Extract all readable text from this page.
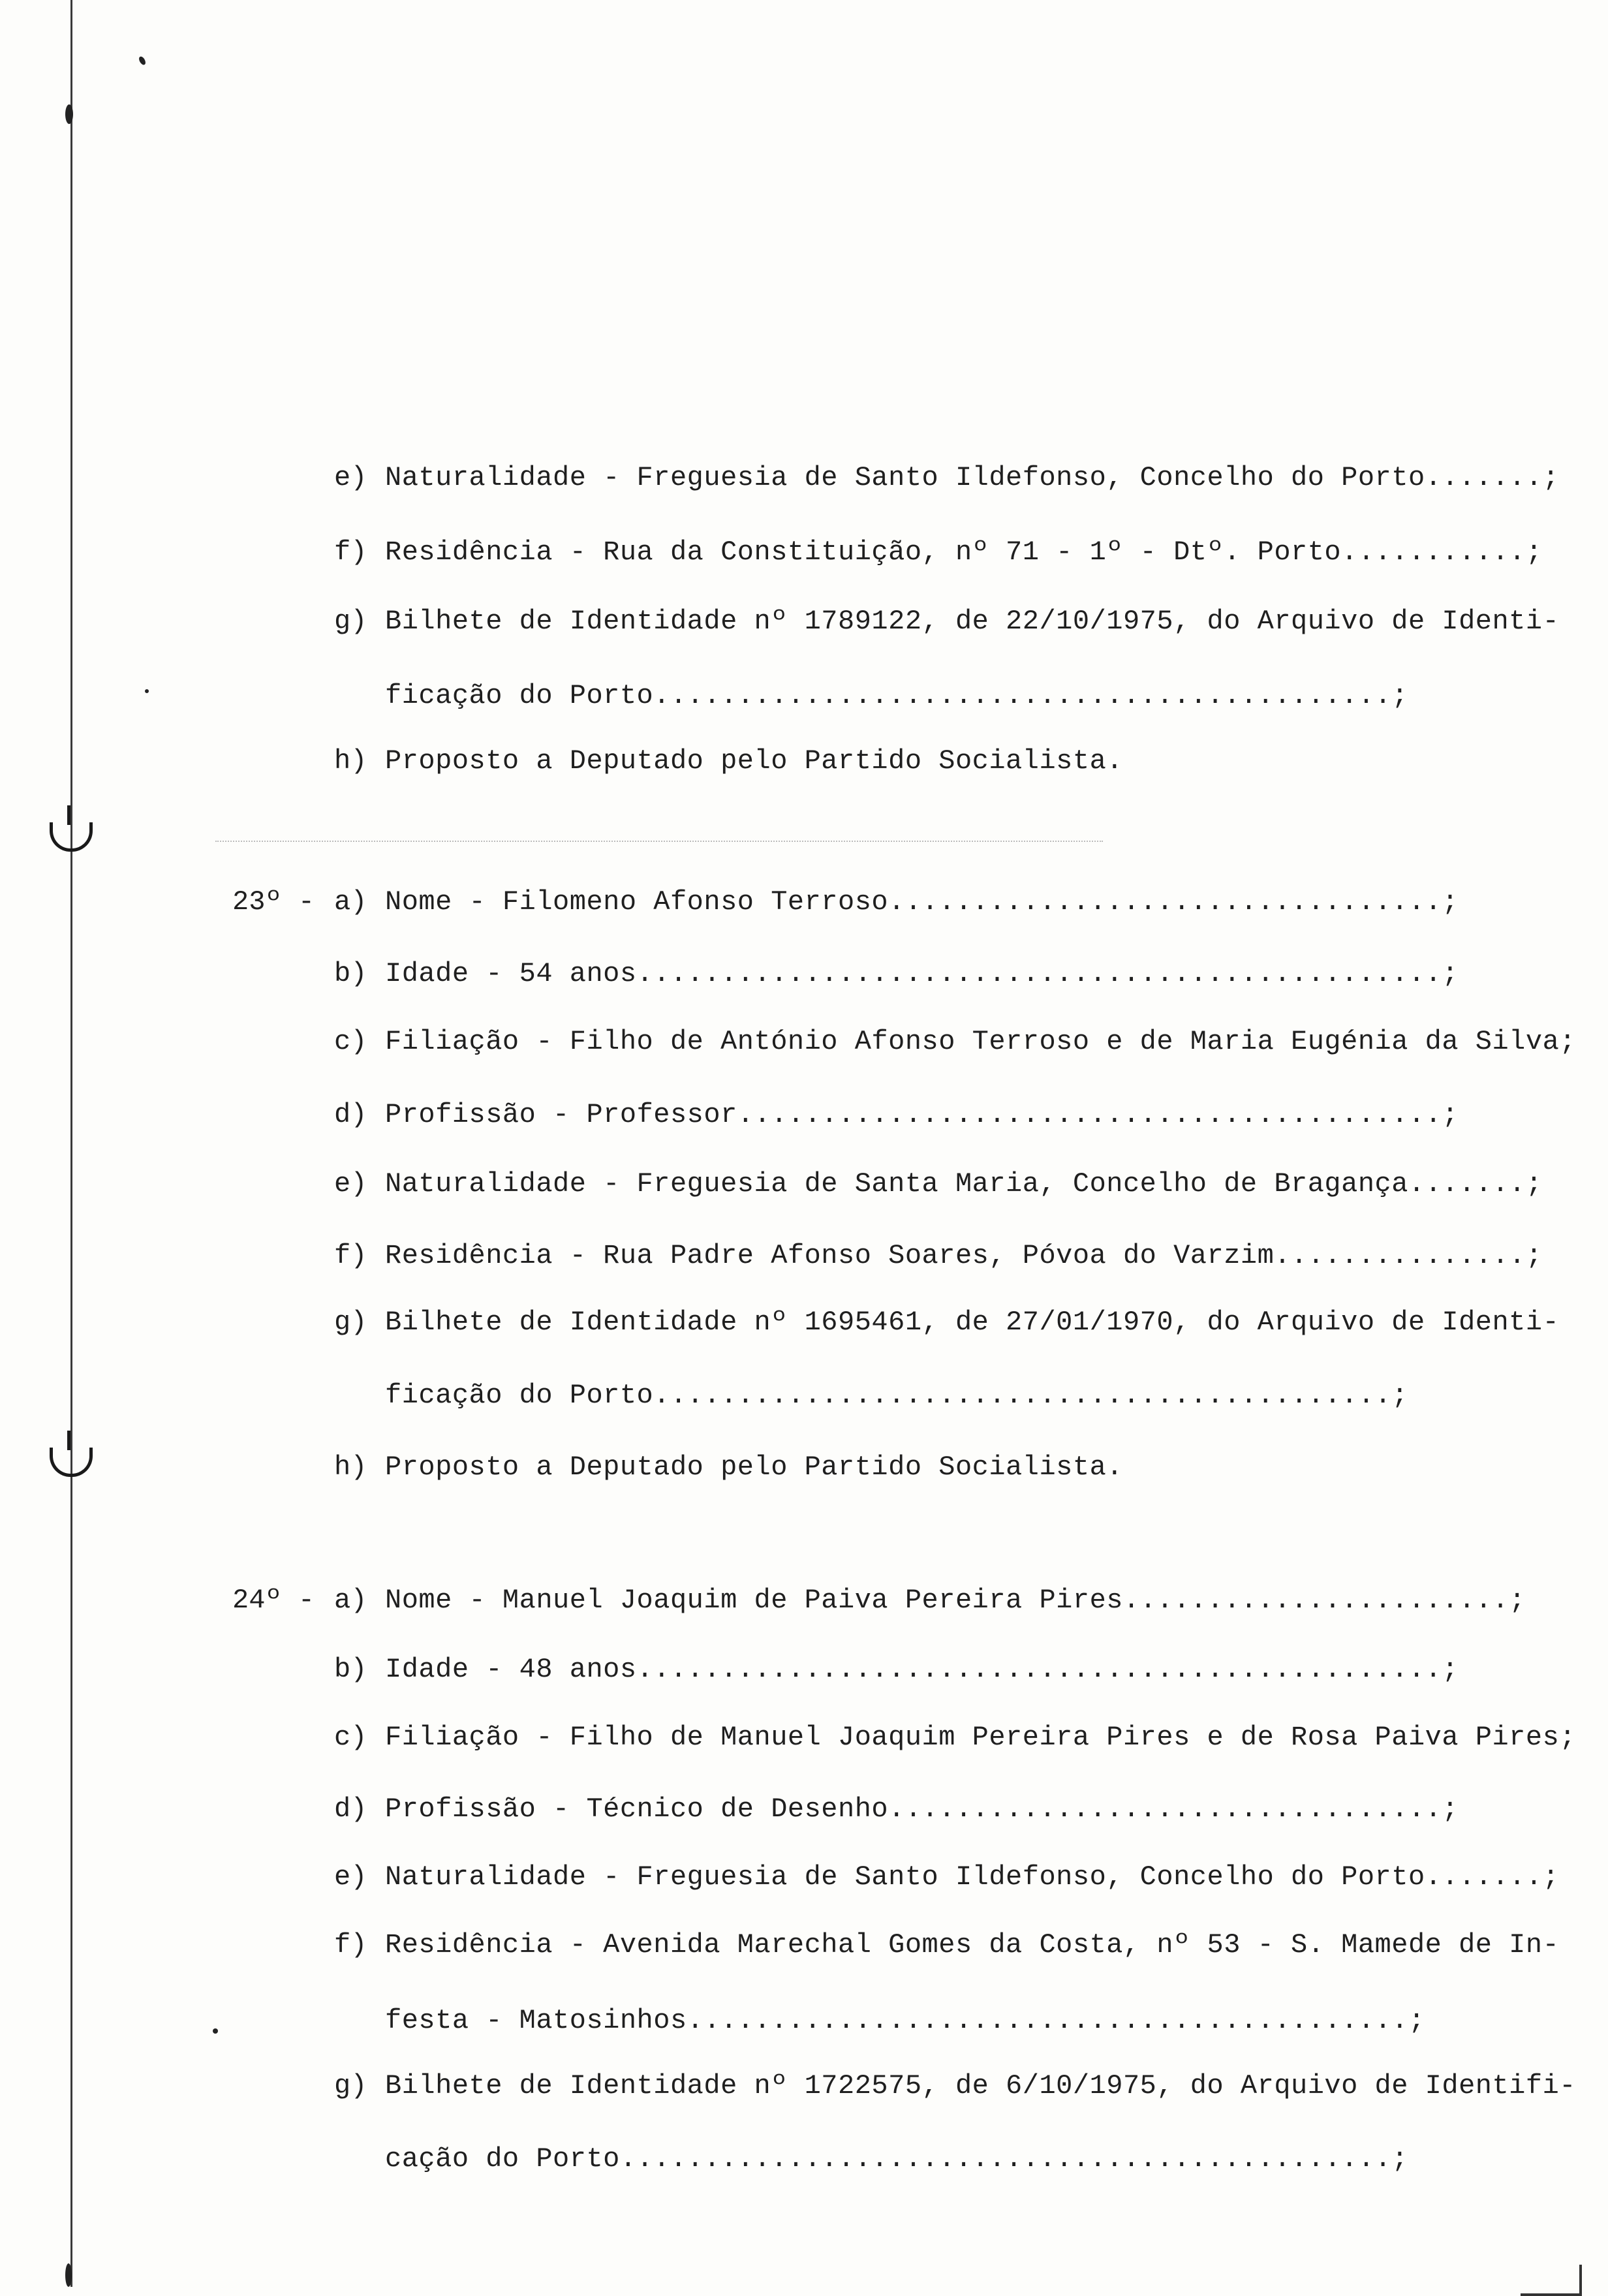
e) Naturalidade - Freguesia de Santo Ildefonso, Concelho do Porto.......;
f) Residência - Rua da Constituição, nº 71 - 1º - Dtº. Porto...........;
g) Bilhete de Identidade nº 1789122, de 22/10/1975, do Arquivo de Identi-
ficação do Porto............................................;
h) Proposto a Deputado pelo Partido Socialista.
23º - a) Nome - Filomeno Afonso Terroso.................................;
b) Idade - 54 anos................................................;
c) Filiação - Filho de António Afonso Terroso e de Maria Eugénia da Silva;
d) Profissão - Professor..........................................;
e) Naturalidade - Freguesia de Santa Maria, Concelho de Bragança.......;
f) Residência - Rua Padre Afonso Soares, Póvoa do Varzim...............;
g) Bilhete de Identidade nº 1695461, de 27/01/1970, do Arquivo de Identi-
ficação do Porto............................................;
h) Proposto a Deputado pelo Partido Socialista.
24º - a) Nome - Manuel Joaquim de Paiva Pereira Pires.......................;
b) Idade - 48 anos................................................;
c) Filiação - Filho de Manuel Joaquim Pereira Pires e de Rosa Paiva Pires;
d) Profissão - Técnico de Desenho.................................;
e) Naturalidade - Freguesia de Santo Ildefonso, Concelho do Porto.......;
f) Residência - Avenida Marechal Gomes da Costa, nº 53 - S. Mamede de In-
festa - Matosinhos...........................................;
g) Bilhete de Identidade nº 1722575, de 6/10/1975, do Arquivo de Identifi-
cação do Porto..............................................;
